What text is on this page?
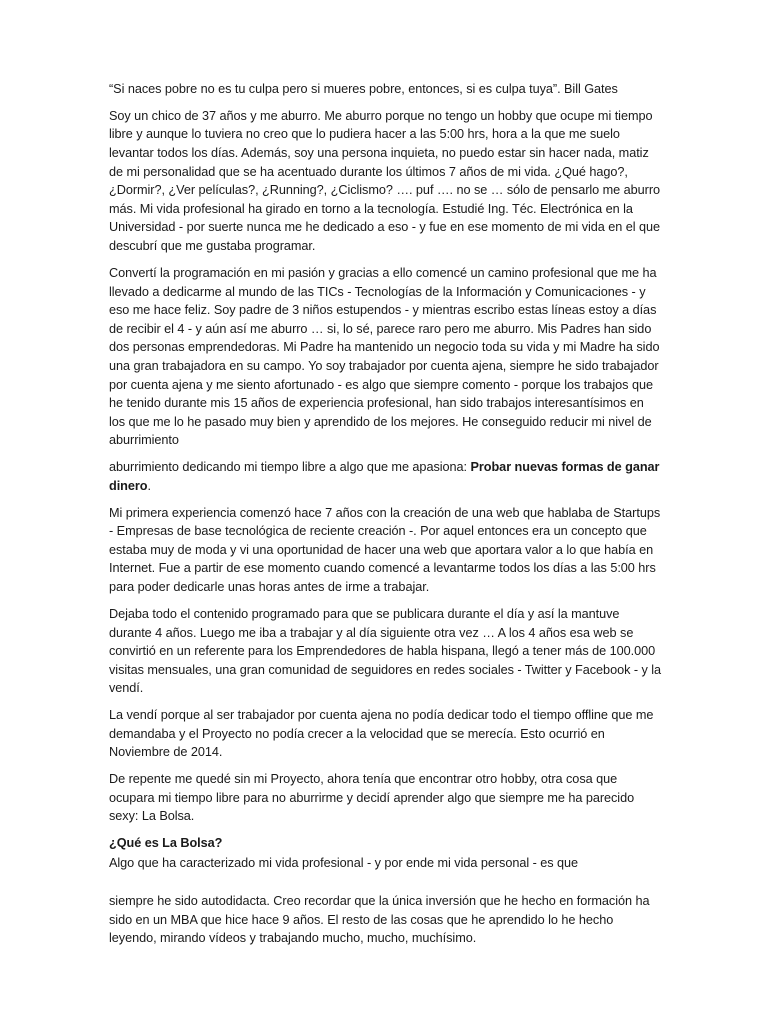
“Si naces pobre no es tu culpa pero si mueres pobre, entonces, si es culpa tuya”. Bill Gates

Soy un chico de 37 años y me aburro. Me aburro porque no tengo un hobby que ocupe mi tiempo libre y aunque lo tuviera no creo que lo pudiera hacer a las 5:00 hrs, hora a la que me suelo levantar todos los días. Además, soy una persona inquieta, no puedo estar sin hacer nada, matiz de mi personalidad que se ha acentuado durante los últimos 7 años de mi vida. ¿Qué hago?, ¿Dormir?, ¿Ver películas?, ¿Running?, ¿Ciclismo? …. puf …. no se … sólo de pensarlo me aburro más. Mi vida profesional ha girado en torno a la tecnología. Estudié Ing. Téc. Electrónica en la Universidad - por suerte nunca me he dedicado a eso - y fue en ese momento de mi vida en el que descubrí que me gustaba programar.

Convertí la programación en mi pasión y gracias a ello comencé un camino profesional que me ha llevado a dedicarme al mundo de las TICs - Tecnologías de la Información y Comunicaciones - y eso me hace feliz. Soy padre de 3 niños estupendos - y mientras escribo estas líneas estoy a días de recibir el 4 - y aún así me aburro … si, lo sé, parece raro pero me aburro. Mis Padres han sido dos personas emprendedoras. Mi Padre ha mantenido un negocio toda su vida y mi Madre ha sido una gran trabajadora en su campo. Yo soy trabajador por cuenta ajena, siempre he sido trabajador por cuenta ajena y me siento afortunado - es algo que siempre comento - porque los trabajos que he tenido durante mis 15 años de experiencia profesional, han sido trabajos interesantísimos en los que me lo he pasado muy bien y aprendido de los mejores. He conseguido reducir mi nivel de aburrimiento

aburrimiento dedicando mi tiempo libre a algo que me apasiona: Probar nuevas formas de ganar dinero.

Mi primera experiencia comenzó hace 7 años con la creación de una web que hablaba de Startups - Empresas de base tecnológica de reciente creación -. Por aquel entonces era un concepto que estaba muy de moda y vi una oportunidad de hacer una web que aportara valor a lo que había en Internet. Fue a partir de ese momento cuando comencé a levantarme todos los días a las 5:00 hrs para poder dedicarle unas horas antes de irme a trabajar.

Dejaba todo el contenido programado para que se publicara durante el día y así la mantuve durante 4 años. Luego me iba a trabajar y al día siguiente otra vez … A los 4 años esa web se convirtió en un referente para los Emprendedores de habla hispana, llegó a tener más de 100.000 visitas mensuales, una gran comunidad de seguidores en redes sociales - Twitter y Facebook - y la vendí.

La vendí porque al ser trabajador por cuenta ajena no podía dedicar todo el tiempo offline que me demandaba y el Proyecto no podía crecer a la velocidad que se merecía. Esto ocurrió en Noviembre de 2014.

De repente me quedé sin mi Proyecto, ahora tenía que encontrar otro hobby, otra cosa que ocupara mi tiempo libre para no aburrirme y decidí aprender algo que siempre me ha parecido sexy: La Bolsa.

¿Qué es La Bolsa?

Algo que ha caracterizado mi vida profesional - y por ende mi vida personal - es que

siempre he sido autodidacta. Creo recordar que la única inversión que he hecho en formación ha sido en un MBA que hice hace 9 años. El resto de las cosas que he aprendido lo he hecho leyendo, mirando vídeos y trabajando mucho, mucho, muchísimo.
